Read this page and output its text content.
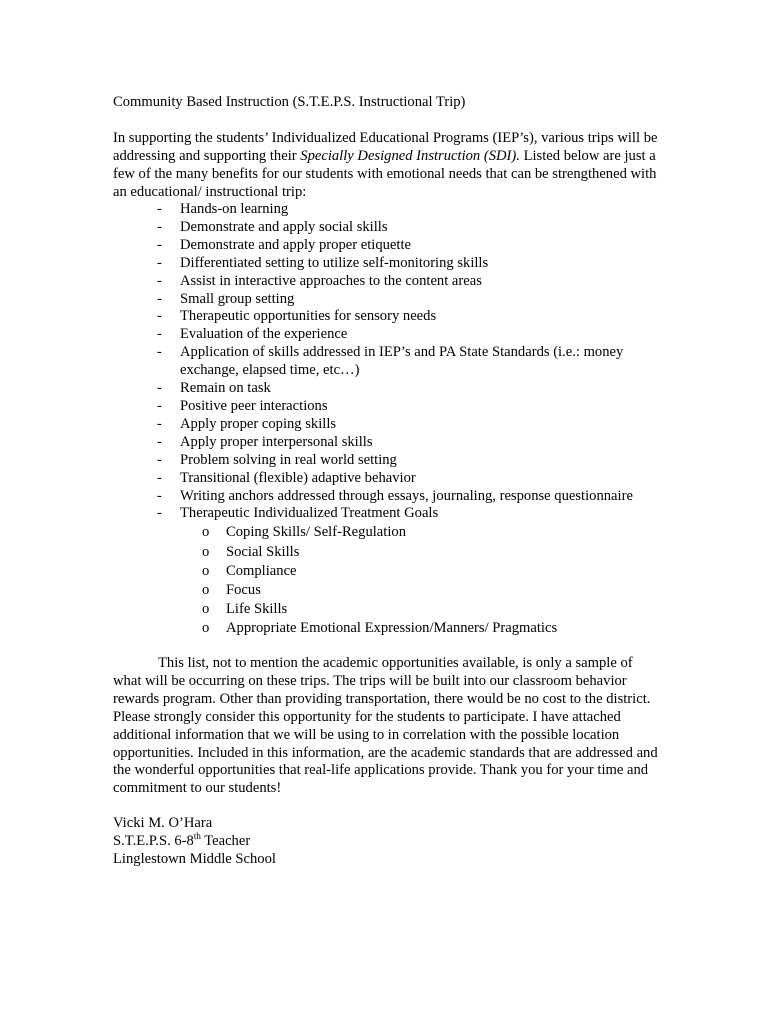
Community Based Instruction (S.T.E.P.S. Instructional Trip)
In supporting the students’ Individualized Educational Programs (IEP’s), various trips will be addressing and supporting their Specially Designed Instruction (SDI). Listed below are just a few of the many benefits for our students with emotional needs that can be strengthened with an educational/ instructional trip:
- Hands-on learning
- Demonstrate and apply social skills
- Demonstrate and apply proper etiquette
- Differentiated setting to utilize self-monitoring skills
- Assist in interactive approaches to the content areas
- Small group setting
- Therapeutic opportunities for sensory needs
- Evaluation of the experience
- Application of skills addressed in IEP’s and PA State Standards (i.e.: money exchange, elapsed time, etc…)
- Remain on task
- Positive peer interactions
- Apply proper coping skills
- Apply proper interpersonal skills
- Problem solving in real world setting
- Transitional (flexible) adaptive behavior
- Writing anchors addressed through essays, journaling, response questionnaire
- Therapeutic Individualized Treatment Goals
o Coping Skills/ Self-Regulation
o Social Skills
o Compliance
o Focus
o Life Skills
o Appropriate Emotional Expression/Manners/ Pragmatics
This list, not to mention the academic opportunities available, is only a sample of what will be occurring on these trips. The trips will be built into our classroom behavior rewards program. Other than providing transportation, there would be no cost to the district. Please strongly consider this opportunity for the students to participate. I have attached additional information that we will be using to in correlation with the possible location opportunities. Included in this information, are the academic standards that are addressed and the wonderful opportunities that real-life applications provide. Thank you for your time and commitment to our students!
Vicki M. O’Hara
S.T.E.P.S. 6-8th Teacher
Linglestown Middle School
